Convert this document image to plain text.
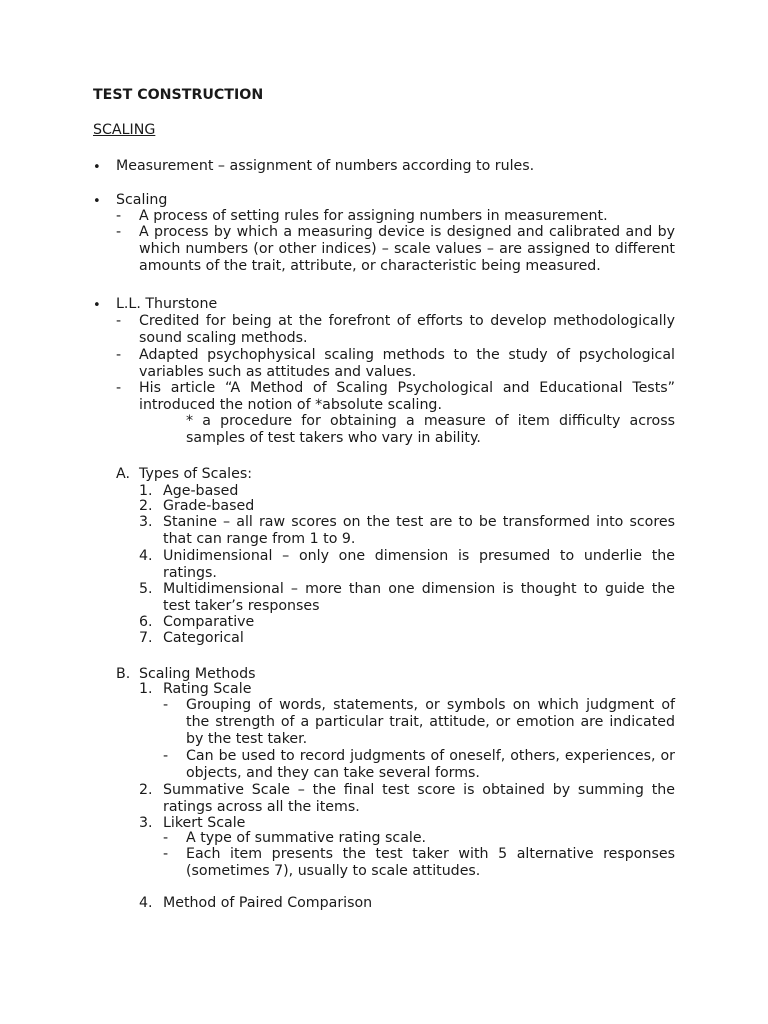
TEST CONSTRUCTION
SCALING
• Measurement – assignment of numbers according to rules.
• Scaling
- A process of setting rules for assigning numbers in measurement.
- A process by which a measuring device is designed and calibrated and by which numbers (or other indices) – scale values – are assigned to different amounts of the trait, attribute, or characteristic being measured.
• L.L. Thurstone
- Credited for being at the forefront of efforts to develop methodologically sound scaling methods.
- Adapted psychophysical scaling methods to the study of psychological variables such as attitudes and values.
- His article “A Method of Scaling Psychological and Educational Tests” introduced the notion of *absolute scaling.
* a procedure for obtaining a measure of item difficulty across samples of test takers who vary in ability.
A. Types of Scales:
1. Age-based
2. Grade-based
3. Stanine – all raw scores on the test are to be transformed into scores that can range from 1 to 9.
4. Unidimensional – only one dimension is presumed to underlie the ratings.
5. Multidimensional – more than one dimension is thought to guide the test taker’s responses
6. Comparative
7. Categorical
B. Scaling Methods
1. Rating Scale
- Grouping of words, statements, or symbols on which judgment of the strength of a particular trait, attitude, or emotion are indicated by the test taker.
- Can be used to record judgments of oneself, others, experiences, or objects, and they can take several forms.
2. Summative Scale – the final test score is obtained by summing the ratings across all the items.
3. Likert Scale
- A type of summative rating scale.
- Each item presents the test taker with 5 alternative responses (sometimes 7), usually to scale attitudes.
4. Method of Paired Comparison
